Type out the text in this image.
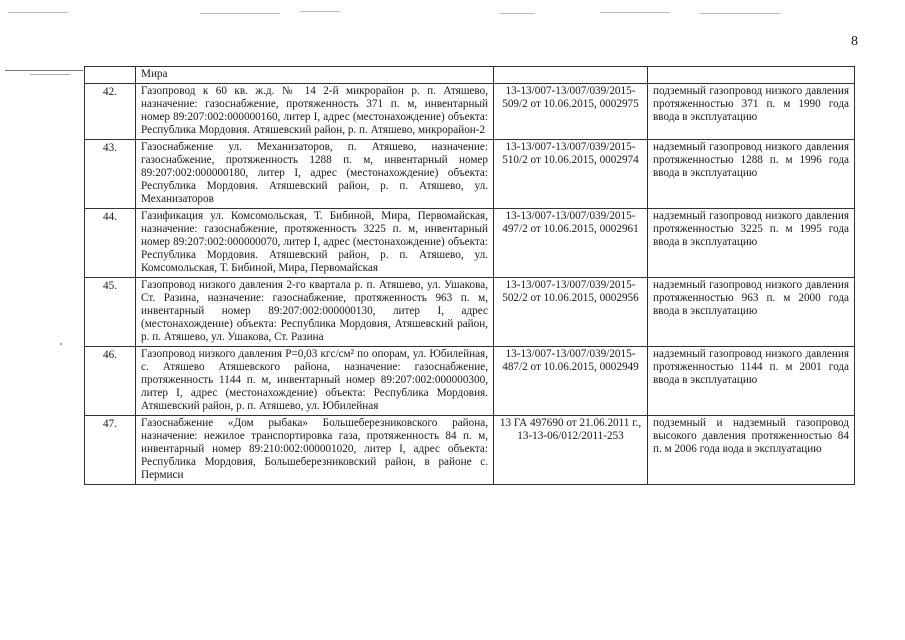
8
	Мира		
42.	Газопровод к 60 кв. ж.д. № 14 2-й микрорайон р. п. Атяшево, назначение: газоснабжение, протяженность 371 п. м, инвентарный номер 89:207:002:000000160, литер I, адрес (местонахождение) объекта: Республика Мордовия. Атяшевский район, р. п. Атяшево, микрорайон-2	13-13/007-13/007/039/2015-509/2 от 10.06.2015, 0002975	подземный газопровод низкого давления протяженностью 371 п. м 1990 года ввода в эксплуатацию
43.	Газоснабжение ул. Механизаторов, п. Атяшево, назначение: газоснабжение, протяженность 1288 п. м, инвентарный номер 89:207:002:000000180, литер I, адрес (местонахождение) объекта: Республика Мордовия. Атяшевский район, р. п. Атяшево, ул. Механизаторов	13-13/007-13/007/039/2015-510/2 от 10.06.2015, 0002974	надземный газопровод низкого давления протяженностью 1288 п. м 1996 года ввода в эксплуатацию
44.	Газификация ул. Комсомольская, Т. Бибиной, Мира, Первомайская, назначение: газоснабжение, протяженность 3225 п. м, инвентарный номер 89:207:002:000000070, литер I, адрес (местонахождение) объекта: Республика Мордовия. Атяшевский район, р. п. Атяшево, ул. Комсомольская, Т. Бибиной, Мира, Первомайская	13-13/007-13/007/039/2015-497/2 от 10.06.2015, 0002961	надземный газопровод низкого давления протяженностью 3225 п. м 1995 года ввода в эксплуатацию
45.	Газопровод низкого давления 2-го квартала р. п. Атяшево, ул. Ушакова, Ст. Разина, назначение: газоснабжение, протяженность 963 п. м, инвентарный номер 89:207:002:000000130, литер I, адрес (местонахождение) объекта: Республика Мордовия, Атяшевский район, р. п. Атяшево, ул. Ушакова, Ст. Разина	13-13/007-13/007/039/2015-502/2 от 10.06.2015, 0002956	надземный газопровод низкого давления протяженностью 963 п. м 2000 года ввода в эксплуатацию
46.	Газопровод низкого давления Р=0,03 кгс/см² по опорам, ул. Юбилейная, с. Атяшево Атяшевского района, назначение: газоснабжение, протяженность 1144 п. м, инвентарный номер 89:207:002:000000300, литер I, адрес (местонахождение) объекта: Республика Мордовия. Атяшевский район, р. п. Атяшево, ул. Юбилейная	13-13/007-13/007/039/2015-487/2 от 10.06.2015, 0002949	надземный газопровод низкого давления протяженностью 1144 п. м 2001 года ввода в эксплуатацию
47.	Газоснабжение «Дом рыбака» Большеберезниковского района, назначение: нежилое транспортировка газа, протяженность 84 п. м, инвентарный номер 89:210:002:000001020, литер I, адрес объекта: Республика Мордовия, Большеберезниковский район, в районе с. Пермиси	13 ГА 497690 от 21.06.2011 г., 13-13-06/012/2011-253	подземный и надземный газопровод высокого давления протяженностью 84 п. м 2006 года вода в эксплуатацию
